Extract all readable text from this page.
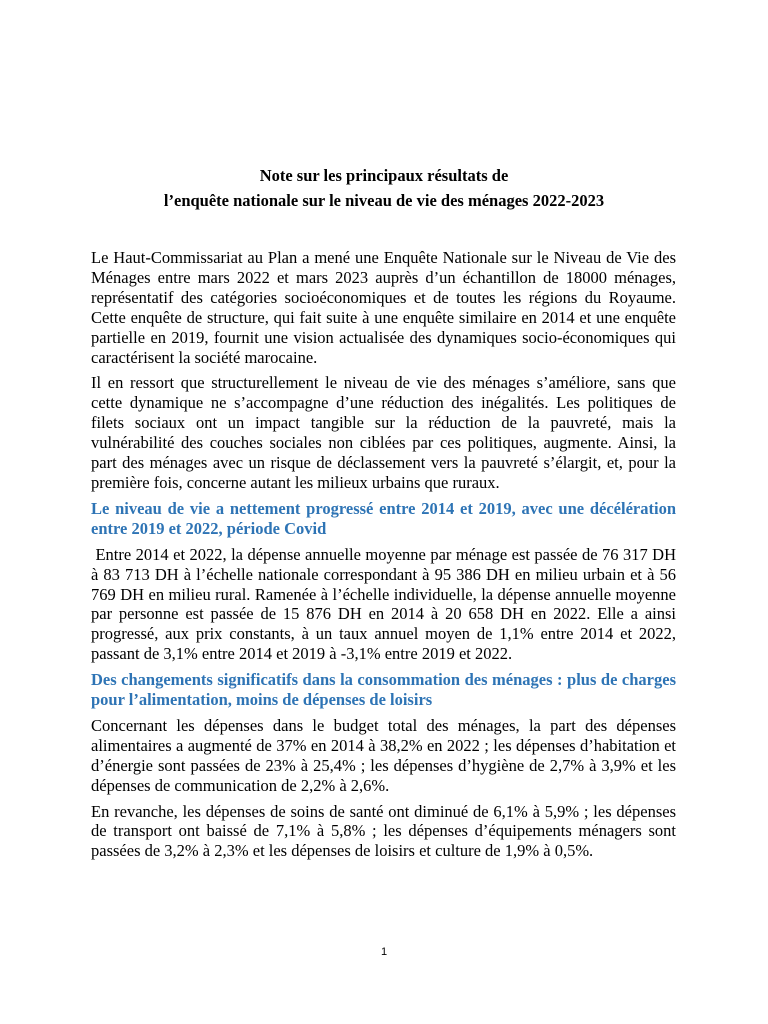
Note sur les principaux résultats de
l’enquête nationale sur le niveau de vie des ménages 2022-2023

Le Haut-Commissariat au Plan a mené une Enquête Nationale sur le Niveau de Vie des Ménages entre mars 2022 et mars 2023 auprès d’un échantillon de 18000 ménages, représentatif des catégories socioéconomiques et de toutes les régions du Royaume. Cette enquête de structure, qui fait suite à une enquête similaire en 2014 et une enquête partielle en 2019, fournit une vision actualisée des dynamiques socio-économiques qui caractérisent la société marocaine.

Il en ressort que structurellement le niveau de vie des ménages s’améliore, sans que cette dynamique ne s’accompagne d’une réduction des inégalités. Les politiques de filets sociaux ont un impact tangible sur la réduction de la pauvreté, mais la vulnérabilité des couches sociales non ciblées par ces politiques, augmente. Ainsi, la part des ménages avec un risque de déclassement vers la pauvreté s’élargit, et, pour la première fois, concerne autant les milieux urbains que ruraux.

Le niveau de vie a nettement progressé entre 2014 et 2019, avec une décélération entre 2019 et 2022, période Covid

Entre 2014 et 2022, la dépense annuelle moyenne par ménage est passée de 76 317 DH à 83 713 DH à l’échelle nationale correspondant à 95 386 DH en milieu urbain et à 56 769 DH en milieu rural. Ramenée à l’échelle individuelle, la dépense annuelle moyenne par personne est passée de 15 876 DH en 2014 à 20 658 DH en 2022. Elle a ainsi progressé, aux prix constants, à un taux annuel moyen de 1,1% entre 2014 et 2022, passant de 3,1% entre 2014 et 2019 à -3,1% entre 2019 et 2022.

Des changements significatifs dans la consommation des ménages : plus de charges pour l’alimentation, moins de dépenses de loisirs

Concernant les dépenses dans le budget total des ménages, la part des dépenses alimentaires a augmenté de 37% en 2014 à 38,2% en 2022 ; les dépenses d’habitation et d’énergie sont passées de 23% à 25,4% ; les dépenses d’hygiène de 2,7% à 3,9% et les dépenses de communication de 2,2% à 2,6%.

En revanche, les dépenses de soins de santé ont diminué de 6,1% à 5,9% ; les dépenses de transport ont baissé de 7,1% à 5,8% ; les dépenses d’équipements ménagers sont passées de 3,2% à 2,3% et les dépenses de loisirs et culture de 1,9% à 0,5%.

1
